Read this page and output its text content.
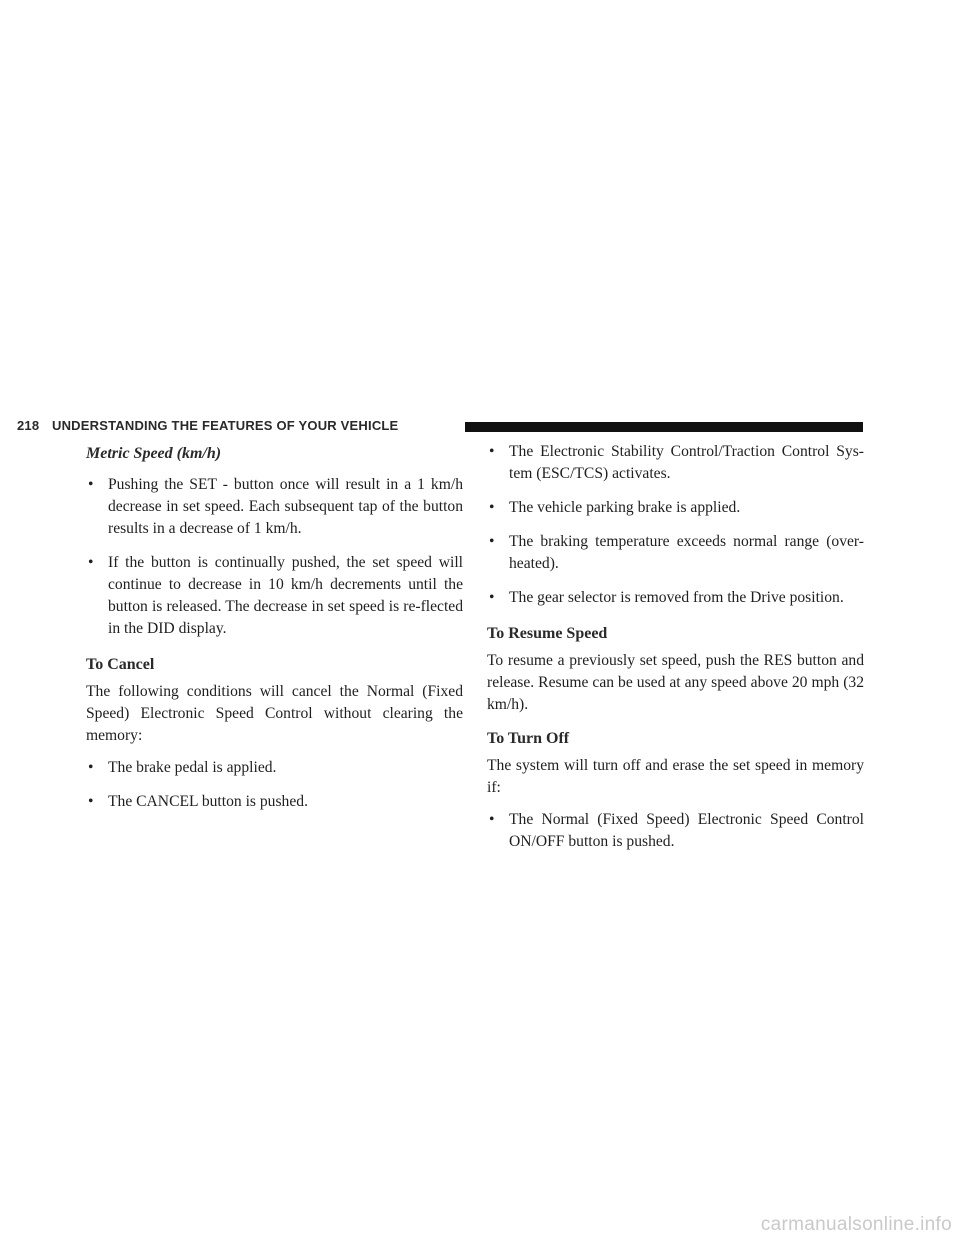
218 UNDERSTANDING THE FEATURES OF YOUR VEHICLE
Metric Speed (km/h)
• Pushing the SET - button once will result in a 1 km/h decrease in set speed. Each subsequent tap of the button results in a decrease of 1 km/h.
• If the button is continually pushed, the set speed will continue to decrease in 10 km/h decrements until the button is released. The decrease in set speed is re-flected in the DID display.
To Cancel

The following conditions will cancel the Normal (Fixed Speed) Electronic Speed Control without clearing the memory:

• The brake pedal is applied.
• The CANCEL button is pushed.
• The Electronic Stability Control/Traction Control Sys-tem (ESC/TCS) activates.
• The vehicle parking brake is applied.
• The braking temperature exceeds normal range (over-heated).
• The gear selector is removed from the Drive position.
To Resume Speed

To resume a previously set speed, push the RES button and release. Resume can be used at any speed above 20 mph (32 km/h).

To Turn Off

The system will turn off and erase the set speed in memory if:

• The Normal (Fixed Speed) Electronic Speed Control ON/OFF button is pushed.
carmanualsonline.info
